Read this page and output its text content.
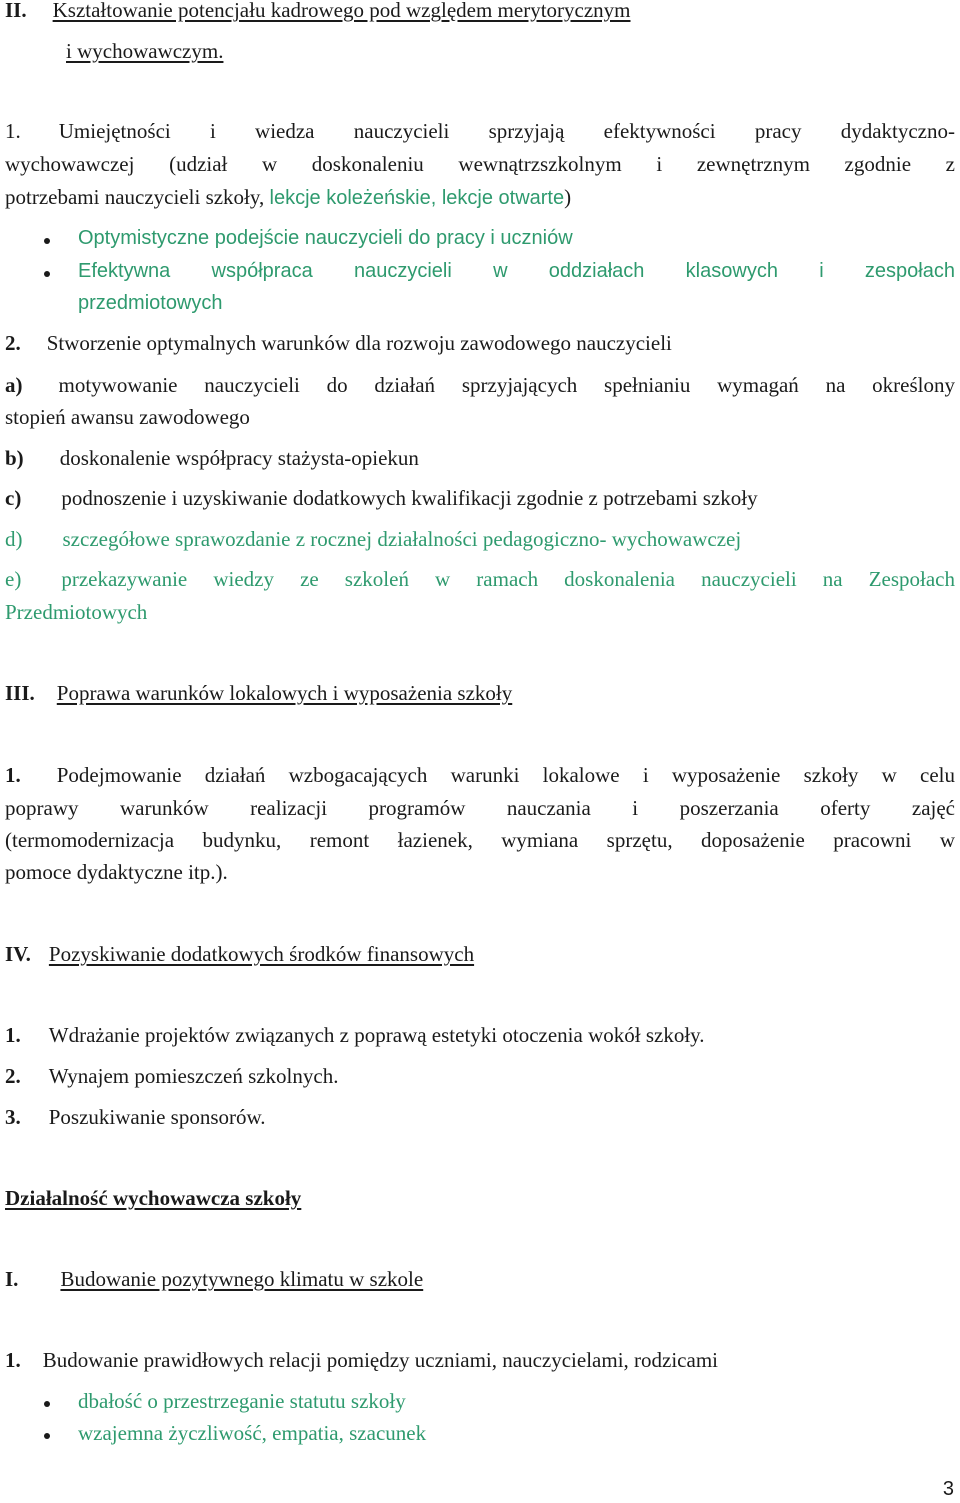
II. Kształtowanie potencjału kadrowego pod względem merytorycznym
i wychowawczym.
1. Umiejętności i wiedza nauczycieli sprzyjają efektywności pracy dydaktyczno-
wychowawczej (udział w doskonaleniu wewnątrzszkolnym i zewnętrznym zgodnie z
potrzebami nauczycieli szkoły, lekcje koleżeńskie, lekcje otwarte)
Optymistyczne podejście nauczycieli do pracy i uczniów
Efektywna współpraca nauczycieli w oddziałach klasowych i zespołach
przedmiotowych
2. Stworzenie optymalnych warunków dla rozwoju zawodowego nauczycieli
a) motywowanie nauczycieli do działań sprzyjających spełnianiu wymagań na określony
stopień awansu zawodowego
b) doskonalenie współpracy stażysta-opiekun
c) podnoszenie i uzyskiwanie dodatkowych kwalifikacji zgodnie z potrzebami szkoły
d) szczegółowe sprawozdanie z rocznej działalności pedagogiczno- wychowawczej
e) przekazywanie wiedzy ze szkoleń w ramach doskonalenia nauczycieli na Zespołach
Przedmiotowych
III. Poprawa warunków lokalowych i wyposażenia szkoły
1. Podejmowanie działań wzbogacających warunki lokalowe i wyposażenie szkoły w celu
poprawy warunków realizacji programów nauczania i poszerzania oferty zajęć
(termomodernizacja budynku, remont łazienek, wymiana sprzętu, doposażenie pracowni w
pomoce dydaktyczne itp.).
IV. Pozyskiwanie dodatkowych środków finansowych
1. Wdrażanie projektów związanych z poprawą estetyki otoczenia wokół szkoły.
2. Wynajem pomieszczeń szkolnych.
3. Poszukiwanie sponsorów.
Działalność wychowawcza szkoły
I. Budowanie pozytywnego klimatu w szkole
1. Budowanie prawidłowych relacji pomiędzy uczniami, nauczycielami, rodzicami
dbałość o przestrzeganie statutu szkoły
wzajemna życzliwość, empatia, szacunek
3
